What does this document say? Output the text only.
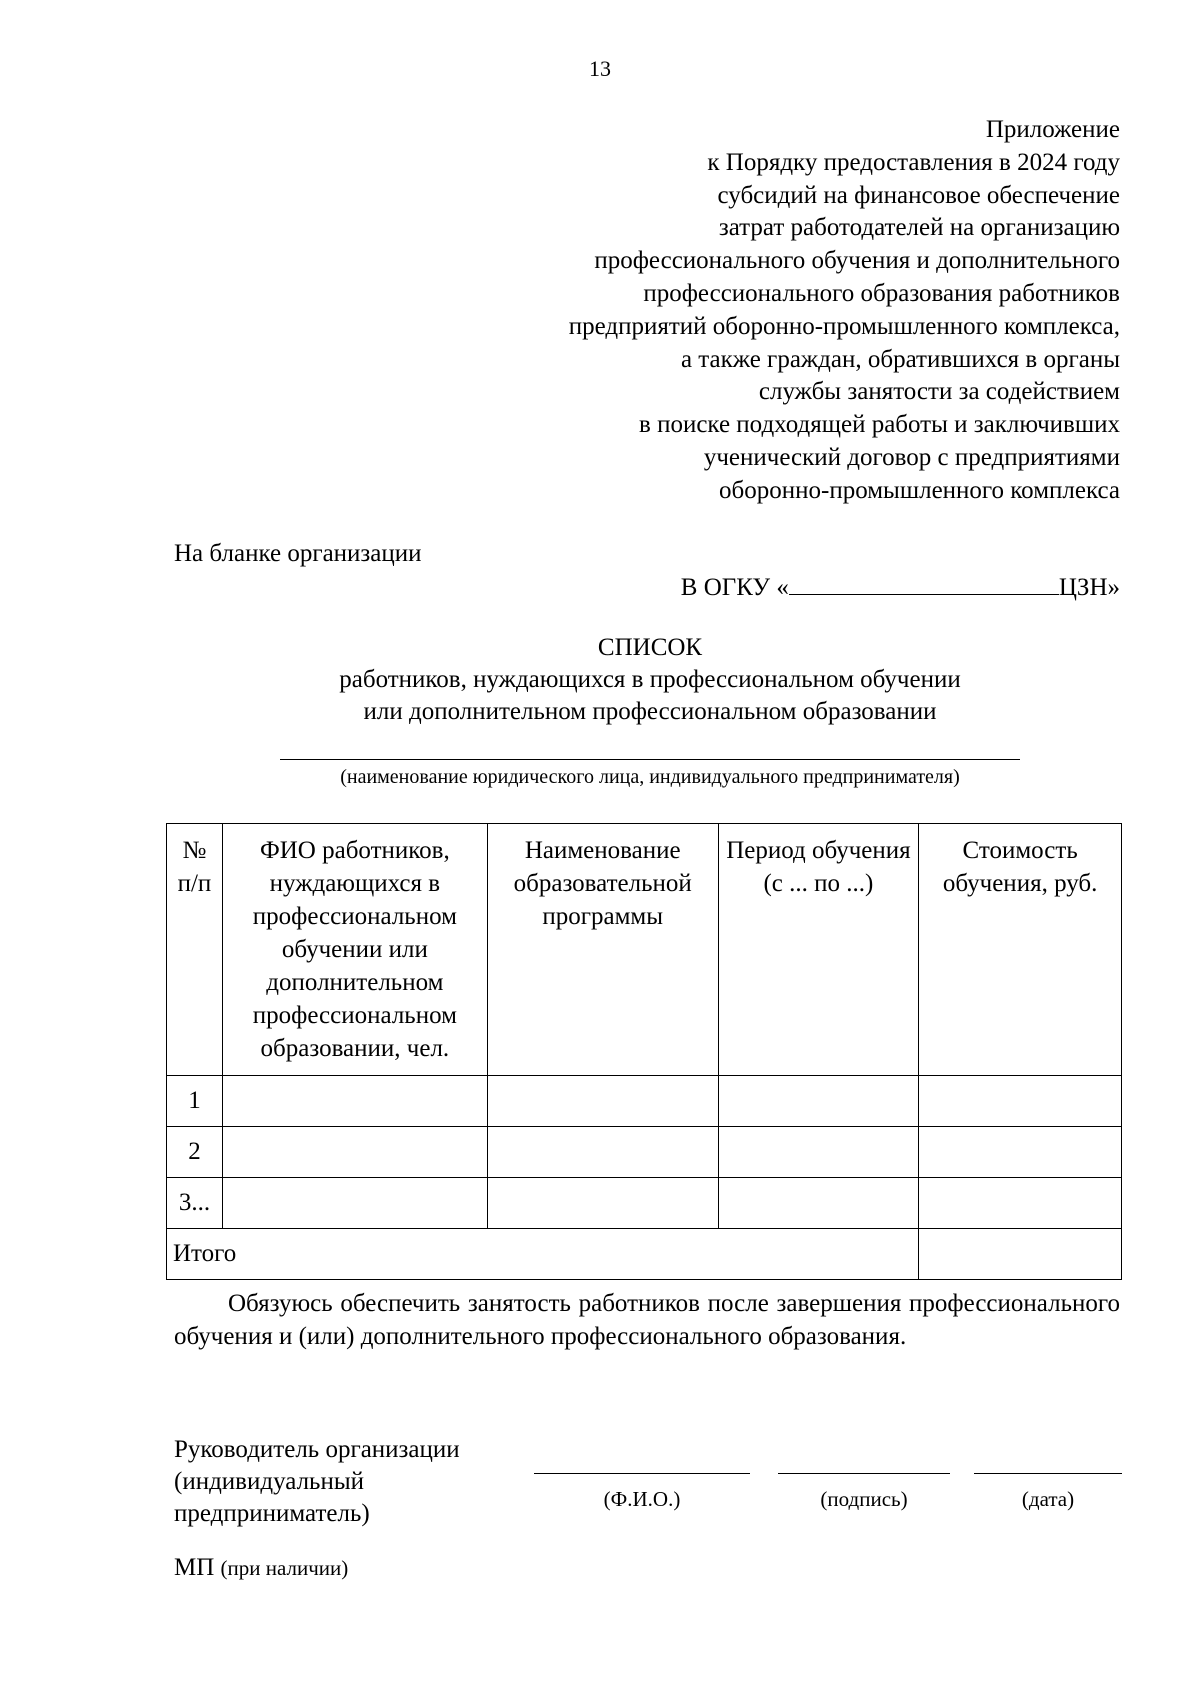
13
Приложение
к Порядку предоставления в 2024 году
субсидий на финансовое обеспечение
затрат работодателей на организацию
профессионального обучения и дополнительного
профессионального образования работников
предприятий оборонно-промышленного комплекса,
а также граждан, обратившихся в органы
службы занятости за содействием
в поиске подходящей работы и заключивших
ученический договор с предприятиями
оборонно-промышленного комплекса
На бланке организации
В ОГКУ «	ЦЗН»
СПИСОК
работников, нуждающихся в профессиональном обучении
или дополнительном профессиональном образовании
(наименование юридического лица, индивидуального предпринимателя)
№ п/п	ФИО работников, нуждающихся в профессиональном обучении или дополнительном профессиональном образовании, чел.	Наименование образовательной программы	Период обучения (с ... по ...)	Стоимость обучения, руб.
1				
2				
3...				
Итого				
Обязуюсь обеспечить занятость работников после завершения профессионального обучения и (или) дополнительного профессионального образования.
Руководитель организации
(индивидуальный
предприниматель)
(Ф.И.О.)	(подпись)	(дата)
МП (при наличии)
